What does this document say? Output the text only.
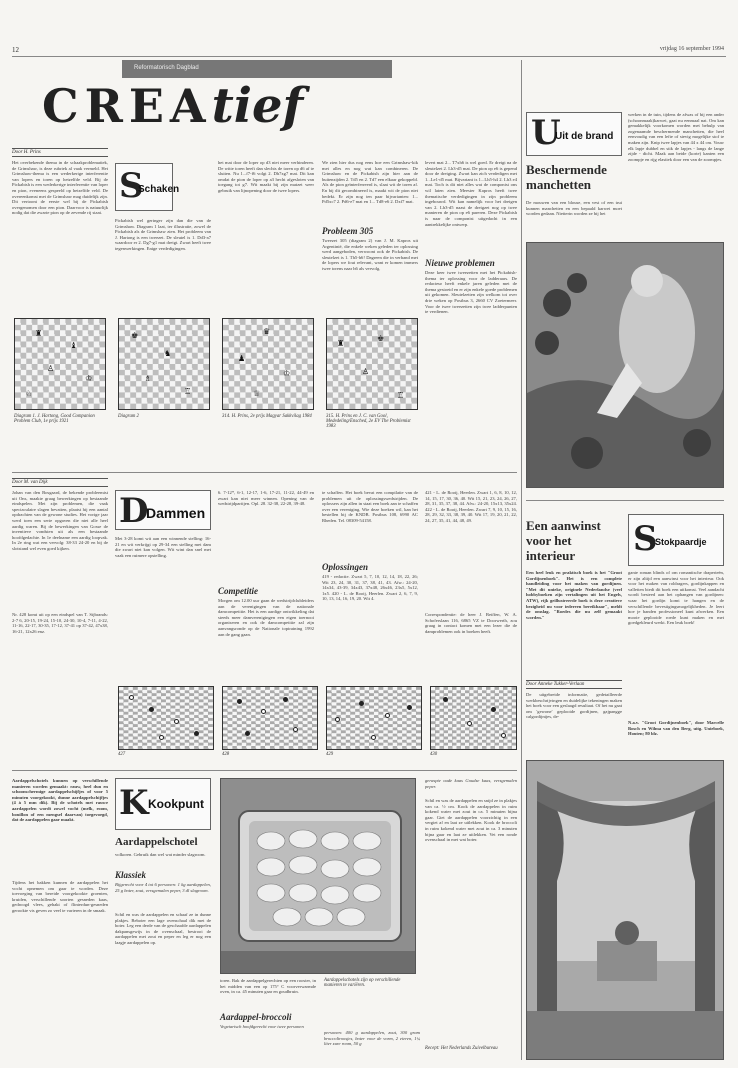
12	vrijdag 16 september 1994
Reformatorisch Dagblad
CREAtief
Door H. Prins
Het overbekende thema in de schaakproblematiek, de Grimshaw, is deze rubriek al vaak vermeld. Het Grimshaw-thema is een wederkerige interferentie van lopers en toren op hetzelfde veld. Bij de Pickabish is een wederkerige interferentie van loper en pion, eveneens gespeeld op hetzelfde veld. De overeenkomst met de Grimshaw mag duidelijk zijn. Dit vertoont de eerste wel bij de Pickabish overgenomen door een pion. Daarvoor is natuurlijk nodig dat die zwarte pion op de zevende rij staat.
S
Schaken
Pickabish wel geringer zijn dan die van de Grimshaw. Diagram 1 laat, ter illustratie, zowel de Pickabish als de Grimshaw zien. Het probleem van J. Hartong is een tweezet. De sleutel is 1. Dd3-a7 waardoor er 2. Dg7-g1 mat dreigt. Zwart heeft twee tegenwerkingen. Enige verdedigingen.
het mat door de loper op d3 niet meer verhinderen. De witte toren heeft dan slechts de toren op d6 af te sluiten. Nu 1...f7-f6 volgt 2. Dh7xg7 mat. Dit kan omdat de pion de loper op a3 hecht afgesloten van toegang tot g7. Wit maakt bij zijn matzet weer gebruik van lijnopening door de twee lopers.
We zien hier dus nog eens hoe een Grimshaw-kik met alles en nog wat kan combineren. De Grimshaw en de Pickabish zijn hier aan de buitenzijden 2. Td5 en 2. Td7 een elkaar gekoppeld. Als de pion geïnterferreerd is, slaat wit de toren af. En bij dit gecombineerd is, maakt wit de pion niet bedekt. Er zijn nog ten paar bijvarianten: 1... Pd5xc7 2. Pd6-e7 mat en 1... Td8-e6 2. Dxf7 mat.
Probleem 305
Tweezet 305 (diagram 2) van J. M. Kapros uit Argentinië, die enkele weken geleden ter oplossing werd aangeboden, verwoont ook de Pickabish. De sleutelzet is 1. Th5-h6! Dagreen die in verband met de lopers we fout relevant, want er komen immers twee torens naar h6 als vervolg.
levert mat 2... T7xh6 is wel goed. Er dreigt na de sleutelzet 2. Lh3-d5 mat. De pion op e6 is gepend door de dreiging. Zwart kan zich verdedigen met 1...Le1-d5 mat. Bijvariant is 1...Lh5-h4 2. Lh3 e4 mat. Toch is dit niet alles wat de componist ons wil laten zien. Meester Kapros heeft twee thematische verdedigingen in zijn probleem ingebouwd. Wit kan namelijk voor het dreigen van 2. Lh3-d5 naast de dreigzet nog op twee manieren de pion op e6 pareren. Deze Pickabish is naar de componist uitgedacht in een aantrekkelijke ontwerp.
Nieuwe problemen
Deze keer twee tweezetten met het Pickabish-thema ter oplossing voor de ladderaars. De redacteur heeft enkele jaren geleden met de thema gestoeid en er zijn enkele goede problemen uit gekomen. Sleutelzetten zijn welkom tot over drie weken op Postbus 3, 2660 CV Zoetermeer. Voor de twee tweezetten zijn twee ladderpunten te verdienen.
♜
♝
♙
♔
♘
♚
♞
♗
♖
♛
♟
♔
♕
♜
♚
♙
♖
Diagram 1. J. Hartong, Good Companion Problem Club, 1e prijs 1921
Diagram 2	314. H. Prins, 2e prijs Magyar Sakkvilag 1984	315. H. Prins en J. C. van Gool, Mededeling/Ensched, 2e EV The Problemist 1983
Door M. van Dijk
Johan van den Bosgaard, de bekende probleemist uit Ons, maakte graag bewerkingen op bestaande eindspelen. Met zijn problemen, die vaak spectaculaire slagen bevatten, plaatst hij een aantal opdrachten van de gewone studies. Het vorige jaar werd toen een serie opgaven die niet alle heel aardig waren. Bij de bewerkingen van Gosse de inventieve vondsten uit als een bestaande hoofdgedachte. In 1e deelname een aardig loopvak. In 2e ring wat een vervolg: 38-33 24-20 en bij de slotstand wel even goed kijken.
Nr. 428 komt uit op een eindspel van T. Sijbrands: 2-7 6, 20-15, 19-24, 15-10, 24-30, 10-4, 7-11, 4-22, 11-16, 22-17, 30-35, 17-12, 37-41 op 37-42, 47x38, 16-21, 12x26 enz.
D
Dammen
Met 3-28 komt wit aan een winnende stelling: 16-21 en wit verkrijgt op 29-34 een stelling met dam die zwart niet kan volgen. Wit wint dan snel met vaak een ruimere opstelling.
6. 7-12*, 6-1, 12-17, 1-6, 17-21, 11-22, 44-49 en zwart kan niet meer winnen. Opening van de wedstrijdpartijen. Opl. 28. 32-38, 22-28, 39-48.
Competitie
Morgen om 12.00 uur gaan de wedstrijdclubleiders aan de verenigingen van de nationale damcompetitie. Het is een aardige ontwikkeling dat steeds meer damverenigingen een eigen toernooi organiseren en ook de damcompetitie zal zijn aanvangsronde op de Nationale toptraining 1992 aan de gang gaan.
te schaffen. Het boek bevat een compilatie van de problemen uit de oplossingswedstrijden. De oplossers zijn allen in staat een boek aan te schaffen over een vereniging. Wie deze boeken wil, kan het bestellen bij de KNDB. Postbus 108, 6990 AC Rheden. Tel. 08309-54158.
Oplossingen
419 - redactie. Zwart 5, 7, 10, 12, 14, 18, 22, 26; Wit 23, 24, 30, 31, 37, 38, 41, 43. Afw.: 24-20, 14x34, 43-39, 34x43, 37x48, 26x46, 23x5, 5x12, 1x5. 420 - L. de Rooij, Heerlen. Zwart 2, 6, 7, 9, 10, 13, 14, 16, 19, 20. Wit 4.
421 - L. de Rooij, Heerlen. Zwart 1, 6, 8, 10, 12, 14, 15, 17, 30, 36, 40. Wit 15, 21, 23, 24, 26, 27, 28, 31, 35, 37, 38, 44. Afw.: 24-20, 15x13, 35x24. 422 - L. de Rooij, Heerlen. Zwart 7, 9, 10, 15, 16, 28, 29, 32, 33, 38, 39, 40. Wit 17, 19, 20, 21, 22, 24, 27, 35, 41, 44, 48, 49.
Correspondentie: de heer J. Beiffen, W. A. Schoferslaan 116, 6865 VZ te Doorwerth, zou graag in contact komen met een lezer die de damproblemen ook in boeken heeft.
427	428	429	430
Aardappelschotels kunnen op verschillende manieren worden gemaakt: rauw, heel dun en schoonschermige aardappelschijfjes of voor 5 minuten voorgekookt, dunne aardappelschijfjes (4 à 5 mm dik). Bij de schotels met rauwe aardappelen wordt zowel vocht (melk, room, bouillon of een mengsel daarvan) toegevoegd, dat de aardappelen gaar maakt.
Tijdens het bakken kunnen de aardappelen het vocht opnemen om gaar te worden. Deze toevoeging van bereide voorgekookte groenten, kruiden, verschillende soorten gesneden kaas, gedroogd vlees, gehakt of flinterdun-gesneden gerookte vis geven zo veel te varieren in de smaak.
K Kookpunt
Aardappelschotel
volkoren. Gebruik dan wel wat minder slagroom.
Klassiek
Bijgerecht voor 4 tot 6 personen: 1 kg aardappelen, 25 g boter, zout, versgemalen peper, 3 dl slagroom.
Schil en was de aardappelen en schaaf ze in dunne plakjes. Beboter een lage ovenschaal dik met de boter. Leg een derde van de geschaafde aardappelen dakpansgewijs in de ovenschaal, bestrooi de aardappelen met zout en peper en leg er nog een laagje aardappelen op.
toren. Bak de aardappelgerechten op een rooster, in het midden van een op 175° C voorverwarmde oven, in ca. 45 minuten gaar en goudbruin.
Aardappel-broccoli
Vegetarisch hoofdgerecht voor twee personen
Aardappelschotels zijn op verschillende manieren te variëren.
personen: 400 g aardappelen, zout, 300 gram broccoliroosjes, boter voor de vorm, 2 eieren, 1¼ liter zure room, 50 g
geraspte oude kaas Goudse kaas, versgemalen peper.
Schil en was de aardappelen en snijd ze in plakjes van ca. ½ cm. Kook de aardappelen in ruim kokend water met zout in ca. 5 minuten bijna gaar. Giet de aardappelen voorzichtig in een vergiet af en laat ze uitlekken. Kook de broccoli in ruim kokend water met zout in ca. 3 minuten bijna gaar en laat ze uitlekken. Vet een ronde ovenschaal in met wat boter.
Recept: Het Nederlands Zuivelbureau
U
Uit de brand
Beschermende manchetten
De mouwen van een blouse, een vest of een trui kunnen manchetten en een bepaald karwei moet worden gedaan. Nietterin worden ze bij het
werken in de tuin, tijdens de afwas of bij een ander (schoonmaak)karwei, gaat nu eenmaal nat. Om kan gemakkelijk voorkomen worden met behulp van zogenaamde beschermende manchetten, die heel eenvoudig van een lefte of stevig mogelijke stof te maken zijn. Knip twee lapjes van 44 x 44 cm. Vouw elk lapje dubbel en stik de lapjes - langs de lange zijde - dicht. Maak aan beide (korte) kanten een zoompje en rijg elastiek door een van de zoompjes.
Een aanwinst voor het interieur	S
Stokpaardje
Een heel leuk en praktisch boek is het "Groot Gordijnenboek". Het is een complete handleiding voor het maken van gordijnen. "Met dit unieke, originele Nederlandse (veel hobbyboeken zijn vertalingen uit het Engels, ATW), rijk geïllustreerde boek is deze creatieve bezigheid nu voor iedereen bereikbaar", meldt de omslag. "Roedes die nu zelf gemaakt worden."
Door Anneke Tukker-Verlaan
De uitgebreide informatie, gedetailleerde werkbeschrijvingen en duidelijke tekeningen maken het boek voor een geslaagd resultaat. Of het nu gaat om 'gewone' geplooide gordijnen, gajpangge calgordijntjes, de-
gante roman blinds of om romantische draperieën, er zijn altijd een aanwinst voor het interieur. Ook voor het maken van roldragers, gordijnkappen en valletten biedt dit boek een uitkomst. Veel aandacht wordt besteed aan het ophangen van gordijnen: waar het gordijn komt te hangen en de verschillende bevestigingsmogelijkheden. Je leert hoe je banden professioneel kunt afwerken. Een mooie geplooide roede kunt maken en met goedgekleurd werkt. Een leuk boek!
N.a.v. "Groot Gordijnenboek", door Marcelle Bosch en Wilma van den Berg, uitg. Unieboek, Houten; 80 blz.
